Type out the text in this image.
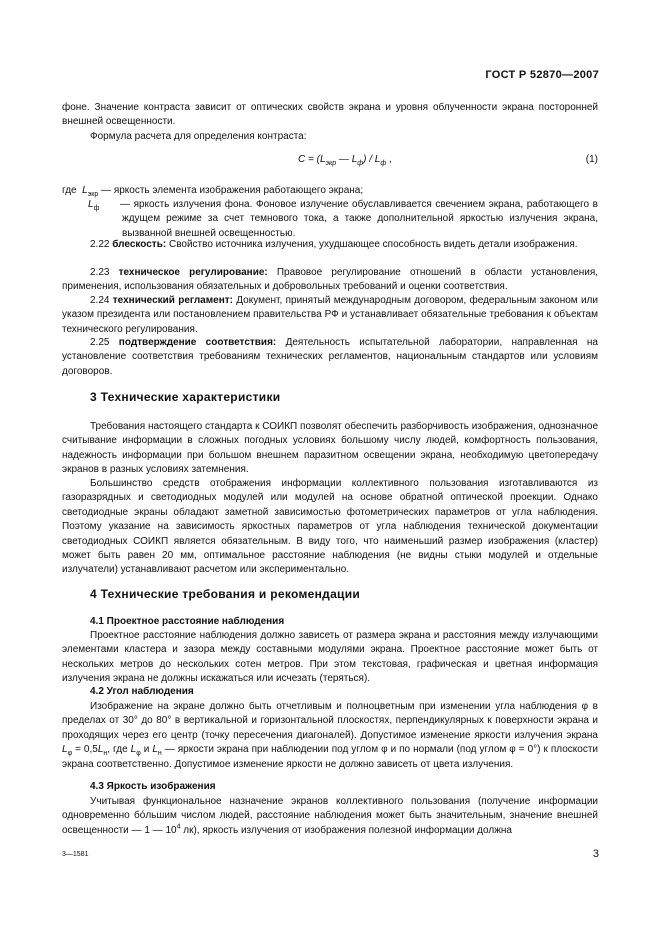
ГОСТ Р 52870—2007
фоне. Значение контраста зависит от оптических свойств экрана и уровня облученности экрана посторонней внешней освещенности.
Формула расчета для определения контраста:
$C = (L_{экр}$ — $L_ф) / L_ф$ ,	(1)
где $L_{экр}$ — яркость элемента изображения работающего экрана;
$L_ф$	— яркость излучения фона. Фоновое излучение обуславливается свечением экрана, работающего в ждущем режиме за счет темнового тока, а также дополнительной яркостью излучения экрана, вызванной внешней освещенностью.
2.22 блескость: Свойство источника излучения, ухудшающее способность видеть детали изображения.
2.23 техническое регулирование: Правовое регулирование отношений в области установления, применения, использования обязательных и добровольных требований и оценки соответствия.
2.24 технический регламент: Документ, принятый международным договором, федеральным законом или указом президента или постановлением правительства РФ и устанавливает обязательные требования к объектам технического регулирования.
2.25 подтверждение соответствия: Деятельность испытательной лаборатории, направленная на установление соответствия требованиям технических регламентов, национальным стандартов или условиям договоров.
3 Технические характеристики
Требования настоящего стандарта к СОИКП позволят обеспечить разборчивость изображения, однозначное считывание информации в сложных погодных условиях большому числу людей, комфортность пользования, надежность информации при большом внешнем паразитном освещении экрана, необходимую цветопередачу экранов в разных условиях затемнения.
Большинство средств отображения информации коллективного пользования изготавливаются из газоразрядных и светодиодных модулей или модулей на основе обратной оптической проекции. Однако светодиодные экраны обладают заметной зависимостью фотометрических параметров от угла наблюдения. Поэтому указание на зависимость яркостных параметров от угла наблюдения технической документации светодиодных СОИКП является обязательным. В виду того, что наименьший размер изображения (кластер) может быть равен 20 мм, оптимальное расстояние наблюдения (не видны стыки модулей и отдельные излучатели) устанавливают расчетом или экспериментально.
4 Технические требования и рекомендации
4.1 Проектное расстояние наблюдения
Проектное расстояние наблюдения должно зависеть от размера экрана и расстояния между излучающими элементами кластера и зазора между составными модулями экрана. Проектное расстояние может быть от нескольких метров до нескольких сотен метров. При этом текстовая, графическая и цветная информация излучения экрана не должны искажаться или исчезать (теряться).
4.2 Угол наблюдения
Изображение на экране должно быть отчетливым и полноцветным при изменении угла наблюдения φ в пределах от 30° до 80° в вертикальной и горизонтальной плоскостях, перпендикулярных к поверхности экрана и проходящих через его центр (точку пересечения диагоналей). Допустимое изменение яркости излучения экрана $L_\varphi = 0,5L_н$, где $L_\varphi$ и $L_н$ — яркости экрана при наблюдении под углом φ и по нормали (под углом φ = 0°) к плоскости экрана соответственно. Допустимое изменение яркости не должно зависеть от цвета излучения.
4.3 Яркость изображения
Учитывая функциональное назначение экранов коллективного пользования (получение информации одновременно бо́льшим числом людей, расстояние наблюдения может быть значительным, значение внешней освещенности — 1 — $10^4$ лк), яркость излучения от изображения полезной информации должна
3—1581	3
